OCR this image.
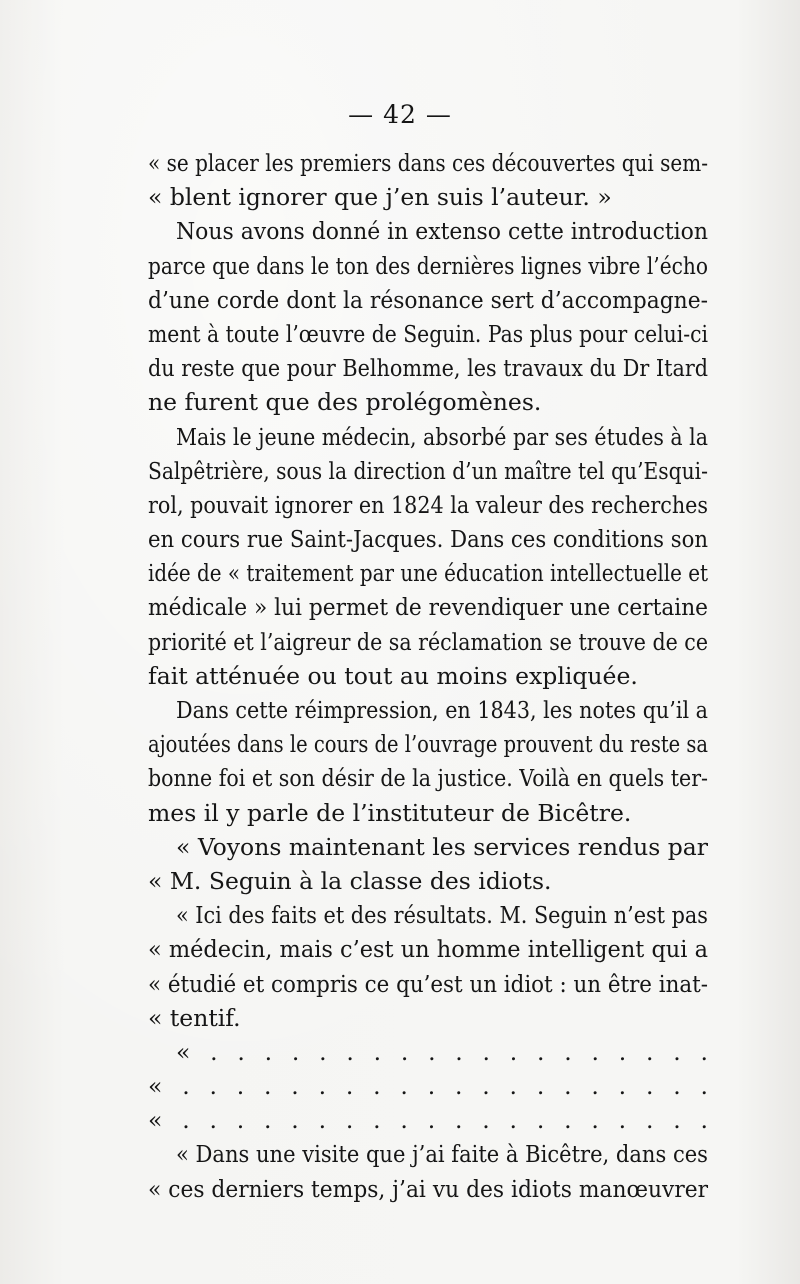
— 42 —
« se placer les premiers dans ces découvertes qui sem-
« blent ignorer que j’en suis l’auteur. »
Nous avons donné in extenso cette introduction
parce que dans le ton des dernières lignes vibre l’écho
d’une corde dont la résonance sert d’accompagne-
ment à toute l’œuvre de Seguin. Pas plus pour celui-ci
du reste que pour Belhomme, les travaux du Dr Itard
ne furent que des prolégomènes.
Mais le jeune médecin, absorbé par ses études à la
Salpêtrière, sous la direction d’un maître tel qu’Esqui-
rol, pouvait ignorer en 1824 la valeur des recherches
en cours rue Saint-Jacques. Dans ces conditions son
idée de « traitement par une éducation intellectuelle et
médicale » lui permet de revendiquer une certaine
priorité et l’aigreur de sa réclamation se trouve de ce
fait atténuée ou tout au moins expliquée.
Dans cette réimpression, en 1843, les notes qu’il a
ajoutées dans le cours de l’ouvrage prouvent du reste sa
bonne foi et son désir de la justice. Voilà en quels ter-
mes il y parle de l’instituteur de Bicêtre.
« Voyons maintenant les services rendus par
« M. Seguin à la classe des idiots.
« Ici des faits et des résultats. M. Seguin n’est pas
« médecin, mais c’est un homme intelligent qui a
« étudié et compris ce qu’est un idiot : un être inat-
« tentif.
« . . . . . . . . . . . . . . . . . . .
« . . . . . . . . . . . . . . . . . . . .
« . . . . . . . . . . . . . . . . . . . .
« Dans une visite que j’ai faite à Bicêtre, dans ces
« ces derniers temps, j’ai vu des idiots manœuvrer
